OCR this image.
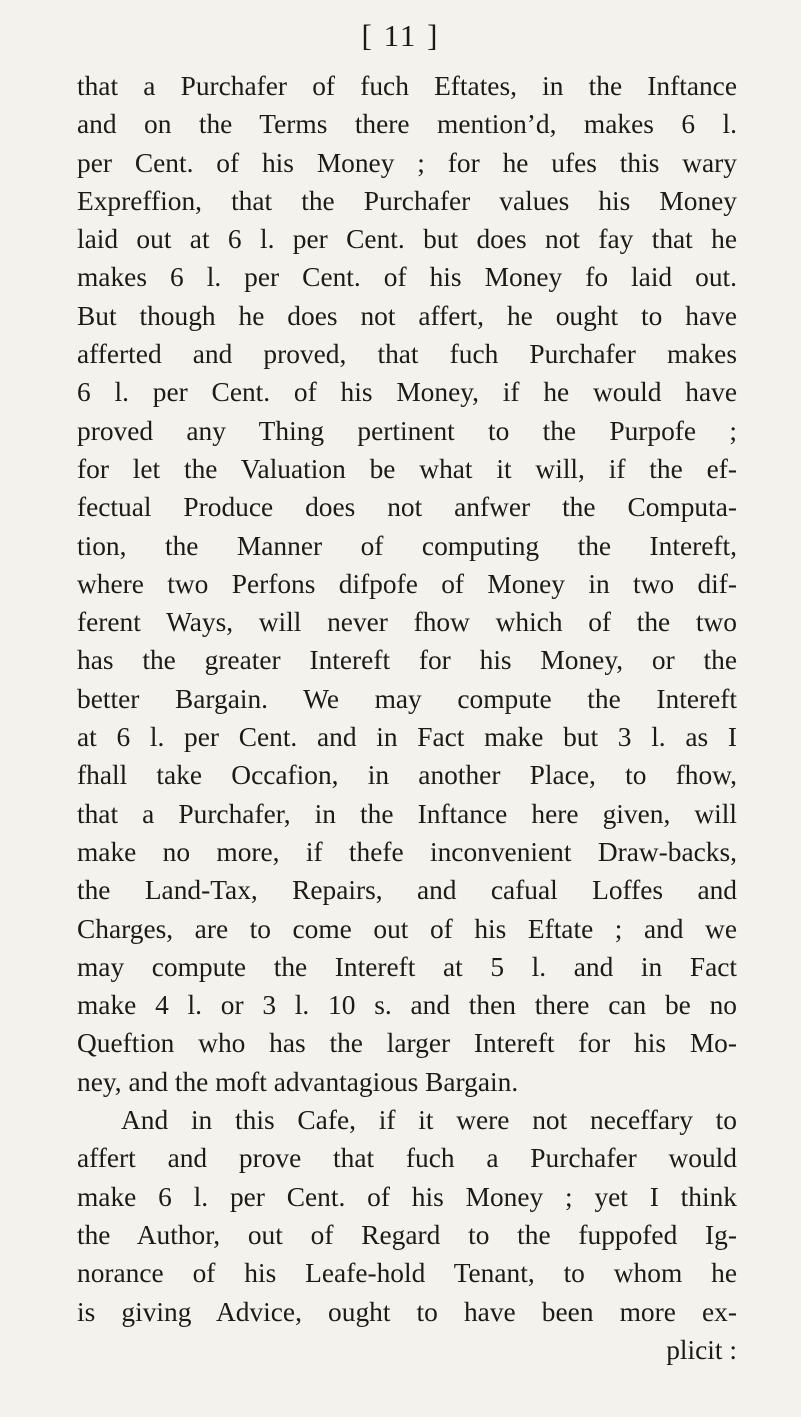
[ 11 ]
that a Purchafer of fuch Eftates, in the Inftance
and on the Terms there mention’d, makes 6 l.
per Cent. of his Money ; for he ufes this wary
Expreffion, that the Purchafer values his Money
laid out at 6 l. per Cent. but does not fay that he
makes 6 l. per Cent. of his Money fo laid out.
But though he does not affert, he ought to have
afferted and proved, that fuch Purchafer makes
6 l. per Cent. of his Money, if he would have
proved any Thing pertinent to the Purpofe ;
for let the Valuation be what it will, if the ef-
fectual Produce does not anfwer the Computa-
tion, the Manner of computing the Intereft,
where two Perfons difpofe of Money in two dif-
ferent Ways, will never fhow which of the two
has the greater Intereft for his Money, or the
better Bargain. We may compute the Intereft
at 6 l. per Cent. and in Fact make but 3 l. as I
fhall take Occafion, in another Place, to fhow,
that a Purchafer, in the Inftance here given, will
make no more, if thefe inconvenient Draw-backs,
the Land-Tax, Repairs, and cafual Loffes and
Charges, are to come out of his Eftate ; and we
may compute the Intereft at 5 l. and in Fact
make 4 l. or 3 l. 10 s. and then there can be no
Queftion who has the larger Intereft for his Mo-
ney, and the moft advantagious Bargain.
And in this Cafe, if it were not neceffary to
affert and prove that fuch a Purchafer would
make 6 l. per Cent. of his Money ; yet I think
the Author, out of Regard to the fuppofed Ig-
norance of his Leafe-hold Tenant, to whom he
is giving Advice, ought to have been more ex-
plicit :
